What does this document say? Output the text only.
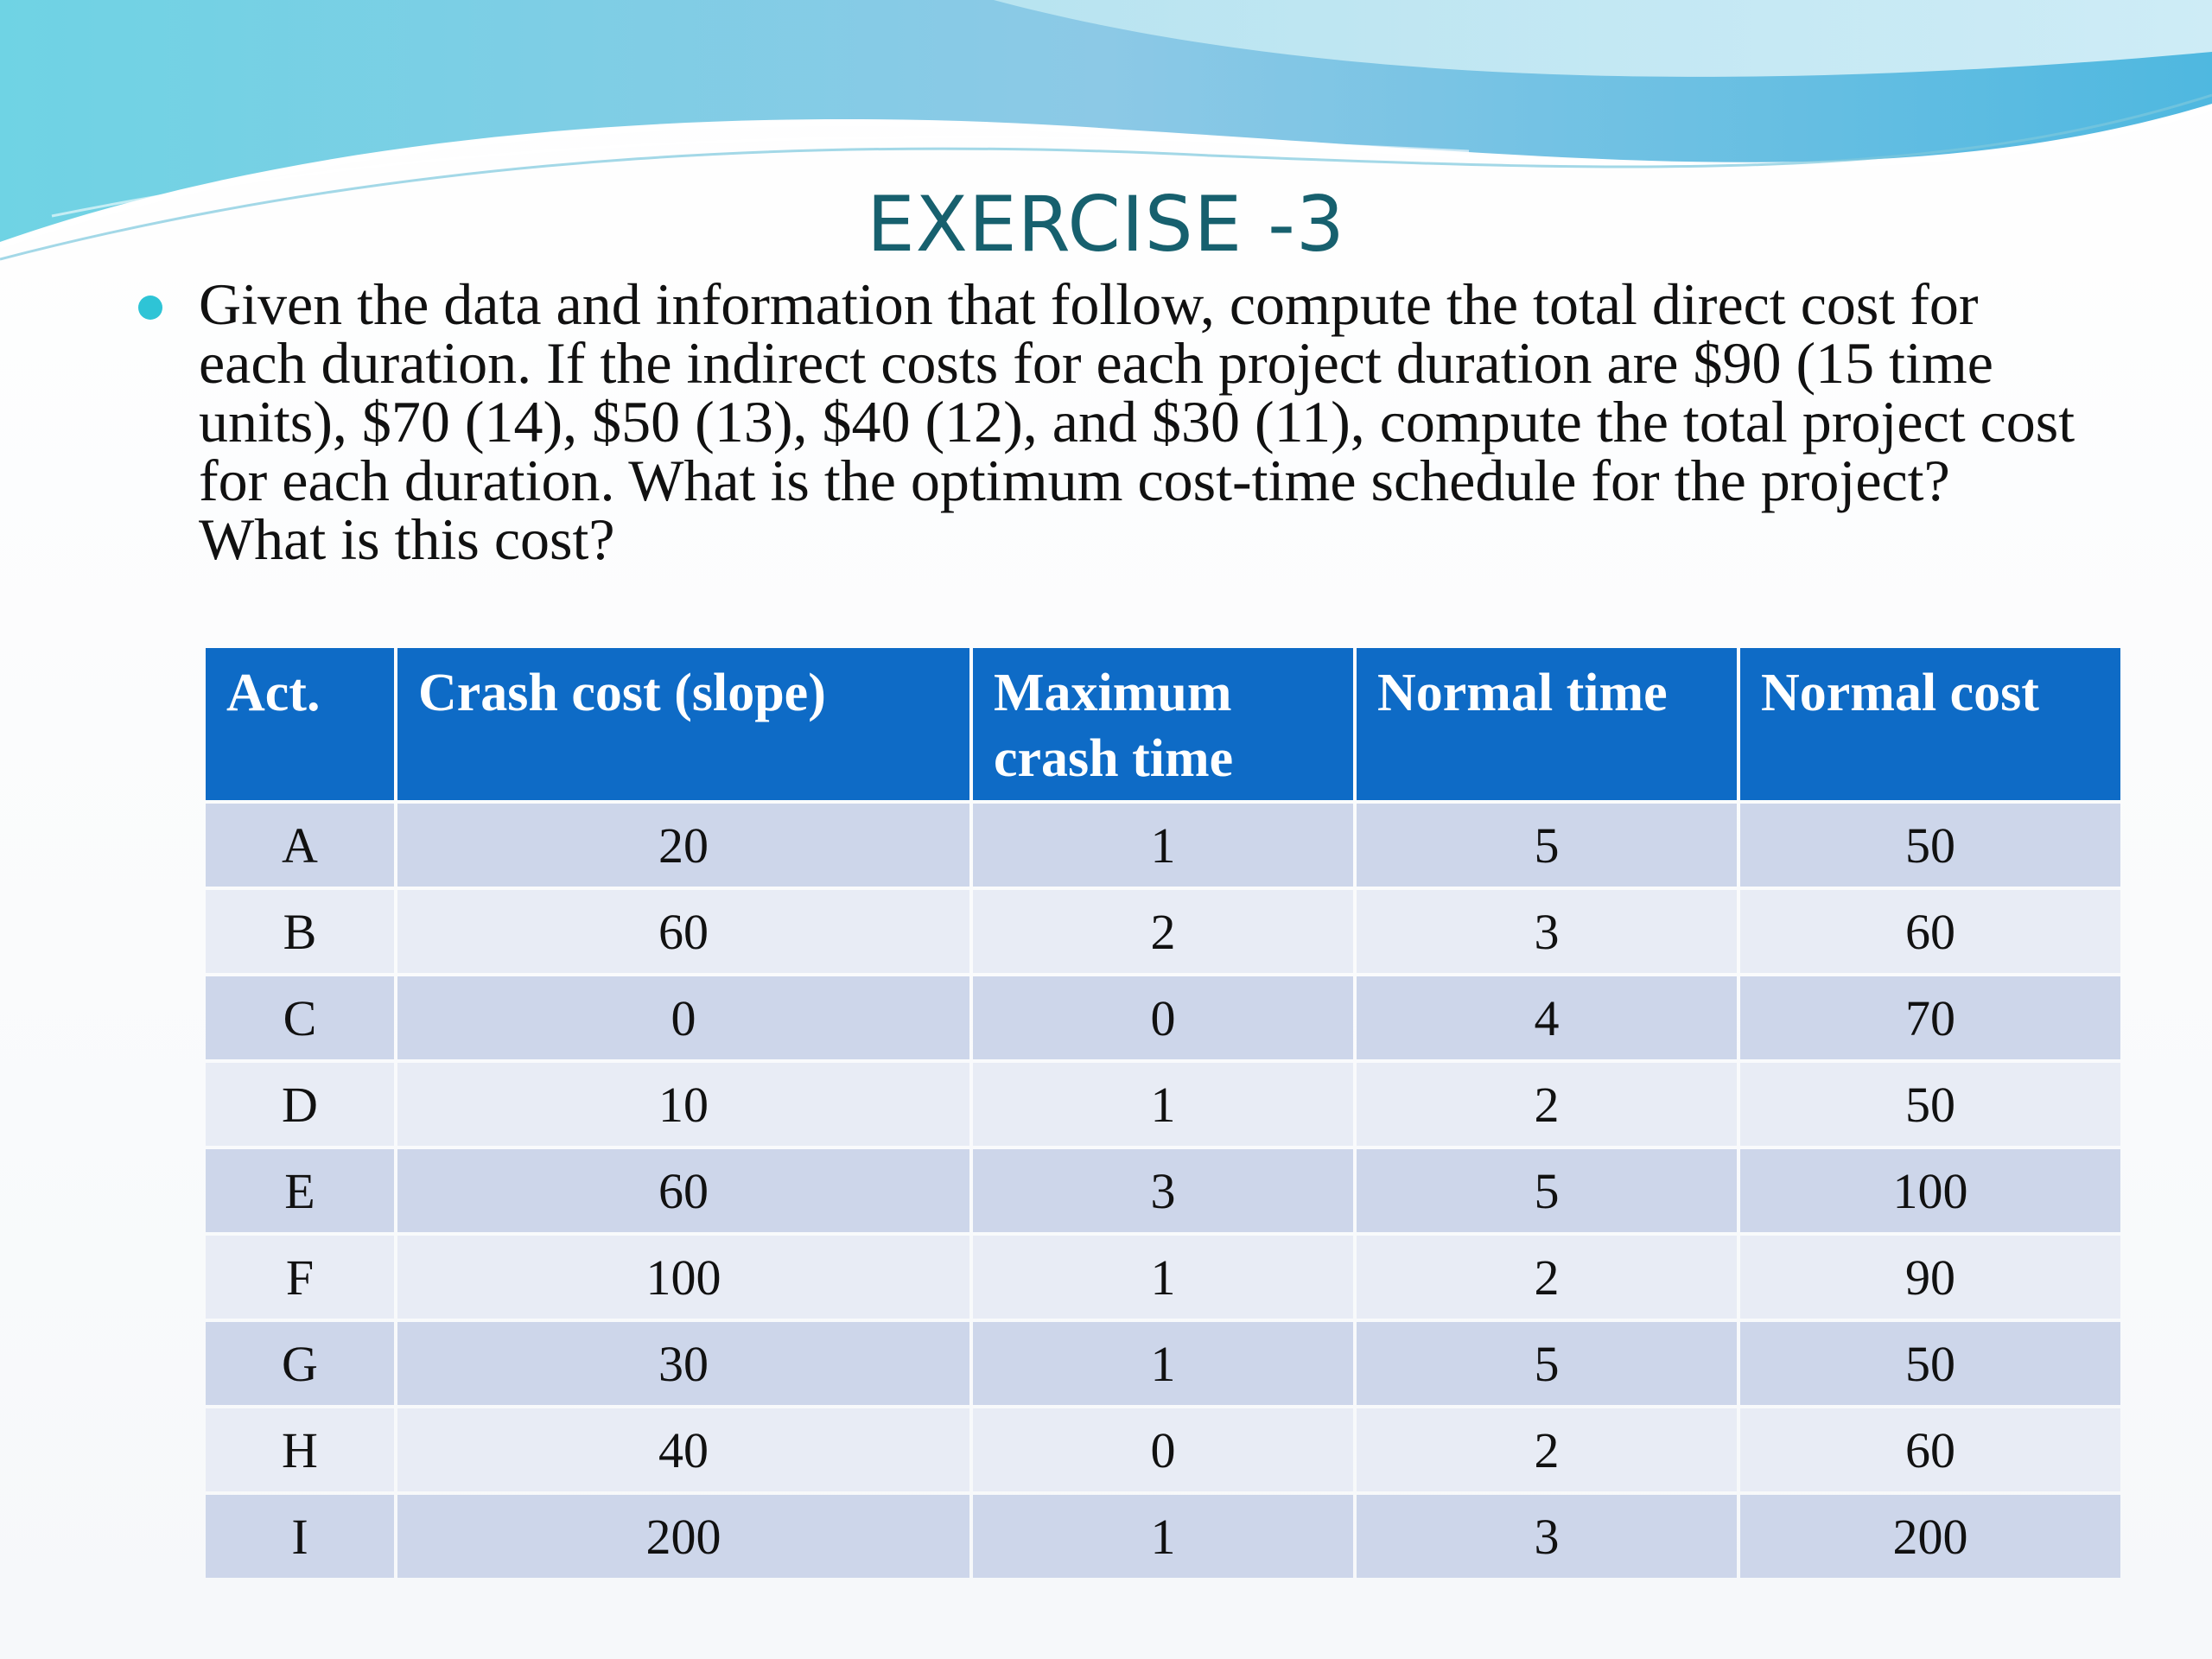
EXERCISE -3
Given the data and information that follow, compute the total direct cost for each duration. If the indirect costs for each project duration are $90 (15 time units), $70 (14), $50 (13), $40 (12), and $30 (11), compute the total project cost for each duration. What is the optimum cost-time schedule for the project? What is this cost?
Act.	Crash cost (slope)	Maximum crash time	Normal time	Normal cost
A	20	1	5	50
B	60	2	3	60
C	0	0	4	70
D	10	1	2	50
E	60	3	5	100
F	100	1	2	90
G	30	1	5	50
H	40	0	2	60
I	200	1	3	200
